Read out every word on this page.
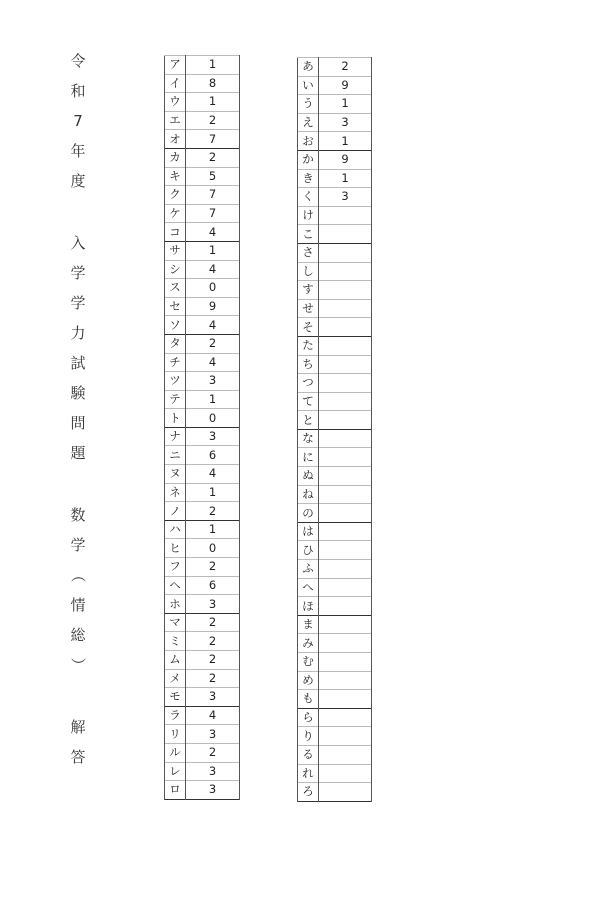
令
和
7
年
度
入
学
学
力
試
験
問
題
数
学
（
情
総
）
解
答
ア	1
イ	8
ウ	1
エ	2
オ	7
カ	2
キ	5
ク	7
ケ	7
コ	4
サ	1
シ	4
ス	0
セ	9
ソ	4
タ	2
チ	4
ツ	3
テ	1
ト	0
ナ	3
ニ	6
ヌ	4
ネ	1
ノ	2
ハ	1
ヒ	0
フ	2
ヘ	6
ホ	3
マ	2
ミ	2
ム	2
メ	2
モ	3
ラ	4
リ	3
ル	2
レ	3
ロ	3
あ	2
い	9
う	1
え	3
お	1
か	9
き	1
く	3
け	
こ	
さ	
し	
す	
せ	
そ	
た	
ち	
つ	
て	
と	
な	
に	
ぬ	
ね	
の	
は	
ひ	
ふ	
へ	
ほ	
ま	
み	
む	
め	
も	
ら	
り	
る	
れ	
ろ	
